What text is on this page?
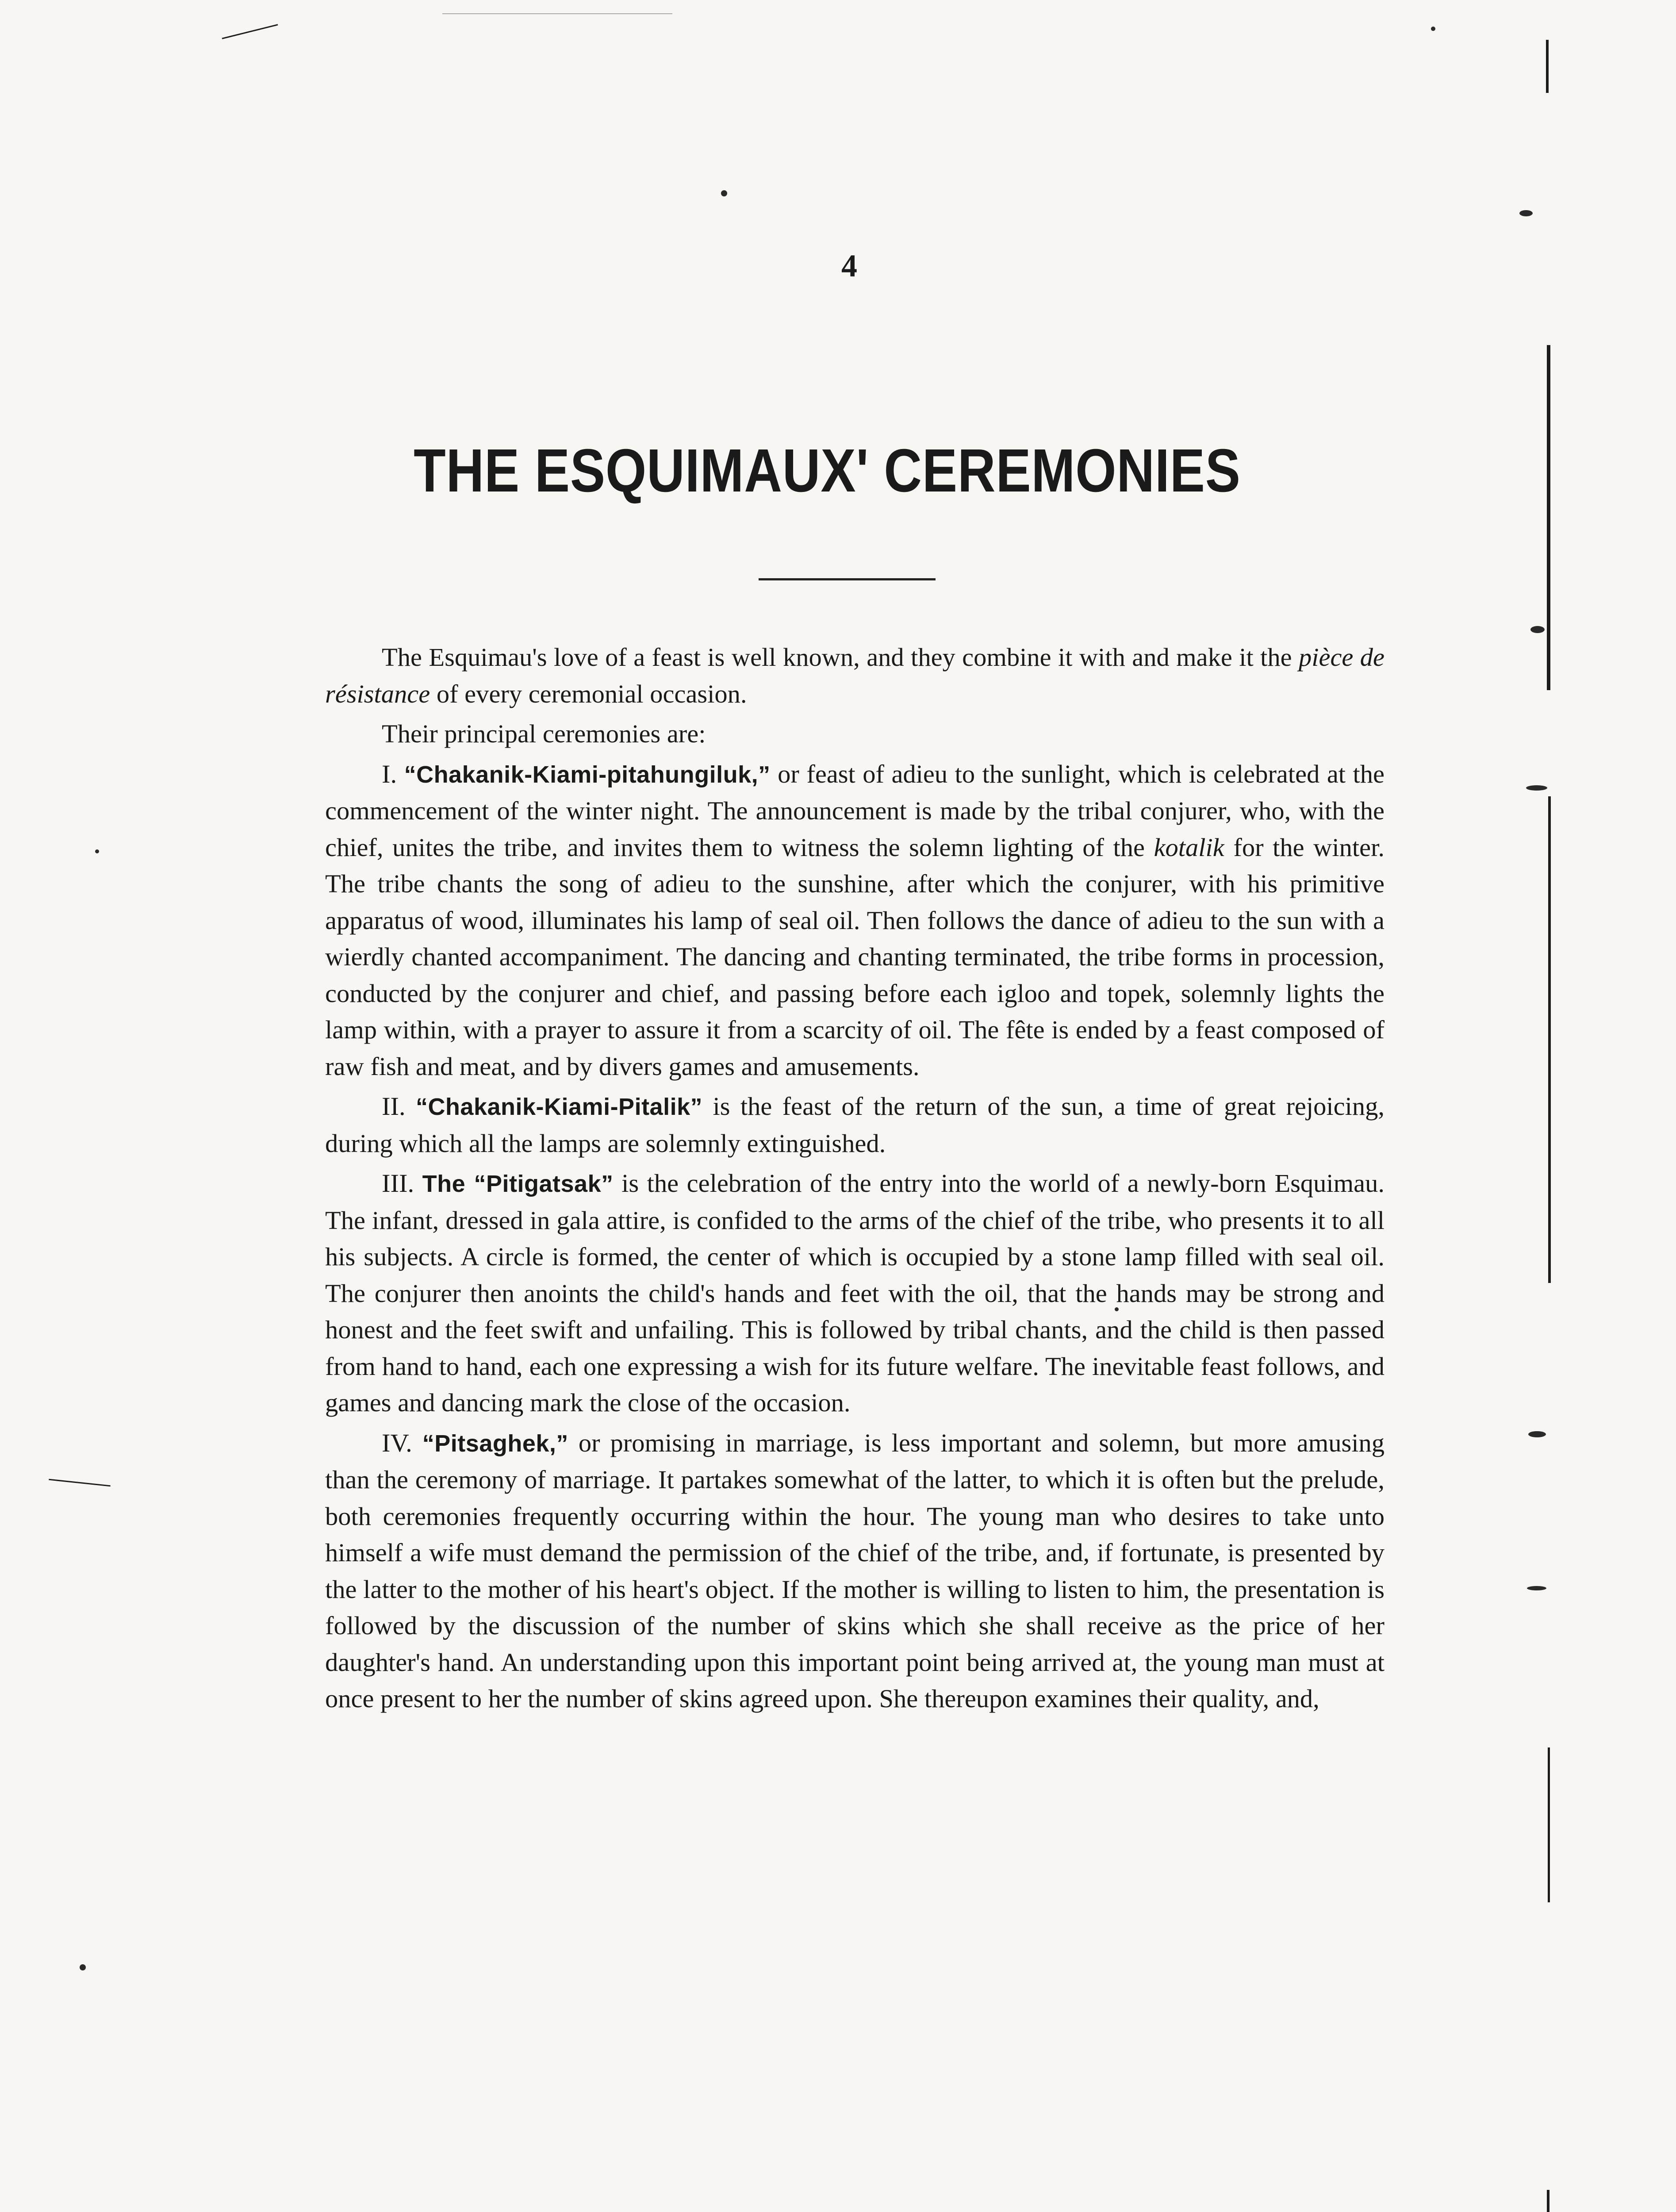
4
THE ESQUIMAUX' CEREMONIES

The Esquimau's love of a feast is well known, and they combine it with and make it the pièce de résistance of every ceremonial occasion.

Their principal ceremonies are:

I. “Chakanik-Kiami-pitahungiluk,” or feast of adieu to the sunlight, which is celebrated at the commencement of the winter night. The announcement is made by the tribal conjurer, who, with the chief, unites the tribe, and invites them to witness the solemn lighting of the kotalik for the winter. The tribe chants the song of adieu to the sunshine, after which the conjurer, with his primitive apparatus of wood, illuminates his lamp of seal oil. Then follows the dance of adieu to the sun with a wierdly chanted accompaniment. The dancing and chanting terminated, the tribe forms in procession, conducted by the conjurer and chief, and passing before each igloo and topek, solemnly lights the lamp within, with a prayer to assure it from a scarcity of oil. The fête is ended by a feast composed of raw fish and meat, and by divers games and amusements.

II. “Chakanik-Kiami-Pitalik” is the feast of the return of the sun, a time of great rejoicing, during which all the lamps are solemnly extinguished.

III. The “Pitigatsak” is the celebration of the entry into the world of a newly-born Esquimau. The infant, dressed in gala attire, is confided to the arms of the chief of the tribe, who presents it to all his subjects. A circle is formed, the center of which is occupied by a stone lamp filled with seal oil. The conjurer then anoints the child's hands and feet with the oil, that the hands may be strong and honest and the feet swift and unfailing. This is followed by tribal chants, and the child is then passed from hand to hand, each one expressing a wish for its future welfare. The inevitable feast follows, and games and dancing mark the close of the occasion.

IV. “Pitsaghek,” or promising in marriage, is less important and solemn, but more amusing than the ceremony of marriage. It partakes somewhat of the latter, to which it is often but the prelude, both ceremonies frequently occurring within the hour. The young man who desires to take unto himself a wife must demand the permission of the chief of the tribe, and, if fortunate, is presented by the latter to the mother of his heart's object. If the mother is willing to listen to him, the presentation is followed by the discussion of the number of skins which she shall receive as the price of her daughter's hand. An understanding upon this important point being arrived at, the young man must at once present to her the number of skins agreed upon. She thereupon examines their quality, and,
